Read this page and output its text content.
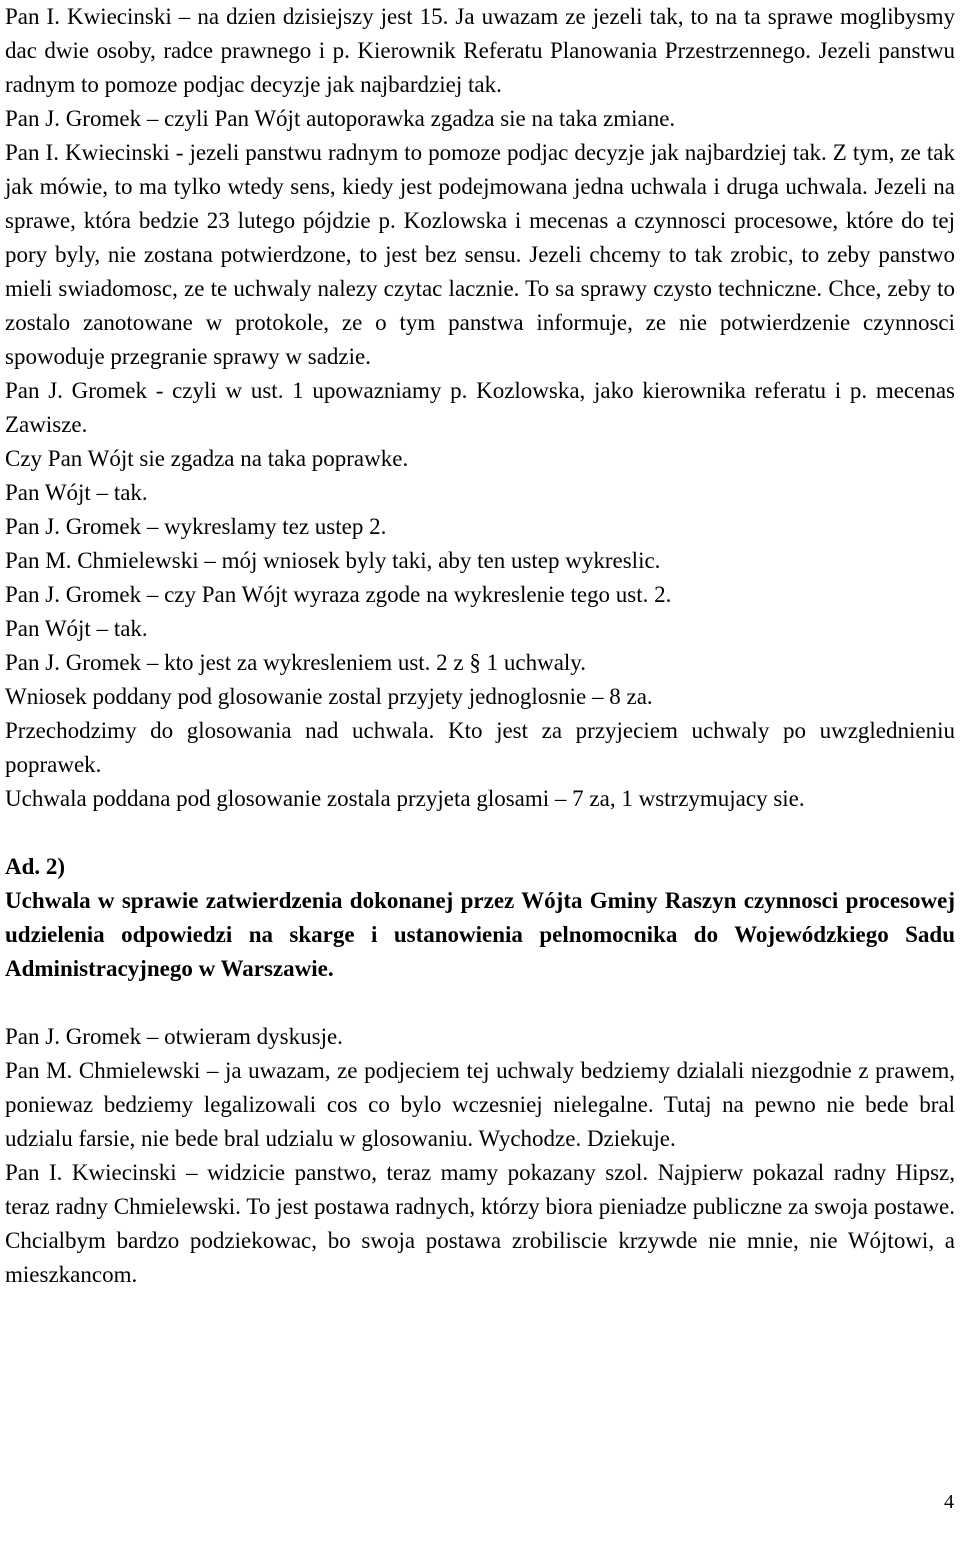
Pan I. Kwiecinski – na dzien dzisiejszy jest 15. Ja uwazam ze jezeli tak, to na ta sprawe moglibysmy dac dwie osoby, radce prawnego i p. Kierownik Referatu Planowania Przestrzennego. Jezeli panstwu radnym to pomoze podjac decyzje jak najbardziej tak.

Pan J. Gromek – czyli Pan Wójt autoporawka zgadza sie na taka zmiane.

Pan I. Kwiecinski - jezeli panstwu radnym to pomoze podjac decyzje jak najbardziej tak. Z tym, ze tak jak mówie, to ma tylko wtedy sens, kiedy jest podejmowana jedna uchwala i druga uchwala. Jezeli na sprawe, która bedzie 23 lutego pójdzie p. Kozlowska i mecenas a czynnosci procesowe, które do tej pory byly, nie zostana potwierdzone, to jest bez sensu. Jezeli chcemy to tak zrobic, to zeby panstwo mieli swiadomosc, ze te uchwaly nalezy czytac lacznie. To sa sprawy czysto techniczne. Chce, zeby to zostalo zanotowane w protokole, ze o tym panstwa informuje, ze nie potwierdzenie czynnosci spowoduje przegranie sprawy w sadzie.

Pan J. Gromek - czyli w ust. 1 upowazniamy p. Kozlowska, jako kierownika referatu i p. mecenas Zawisze.

Czy Pan Wójt sie zgadza na taka poprawke.

Pan Wójt – tak.

Pan J. Gromek – wykreslamy tez ustep 2.

Pan M. Chmielewski – mój wniosek byly taki, aby ten ustep wykreslic.

Pan J. Gromek – czy Pan Wójt wyraza zgode na wykreslenie tego ust. 2.

Pan Wójt – tak.

Pan J. Gromek – kto jest za wykresleniem ust. 2 z § 1 uchwaly.

Wniosek poddany pod glosowanie zostal przyjety jednoglosnie – 8 za.

Przechodzimy do glosowania nad uchwala. Kto jest za przyjeciem uchwaly po uwzglednieniu poprawek.

Uchwala poddana pod glosowanie zostala przyjeta glosami – 7 za, 1 wstrzymujacy sie.

Ad. 2)

Uchwala w sprawie zatwierdzenia dokonanej przez Wójta Gminy Raszyn czynnosci procesowej udzielenia odpowiedzi na skarge i ustanowienia pelnomocnika do Wojewódzkiego Sadu Administracyjnego w Warszawie.

Pan J. Gromek – otwieram dyskusje.

Pan M. Chmielewski – ja uwazam, ze podjeciem tej uchwaly bedziemy dzialali niezgodnie z prawem, poniewaz bedziemy legalizowali cos co bylo wczesniej nielegalne. Tutaj na pewno nie bede bral udzialu farsie, nie bede bral udzialu w glosowaniu. Wychodze. Dziekuje.

Pan I. Kwiecinski – widzicie panstwo, teraz mamy pokazany szol. Najpierw pokazal radny Hipsz, teraz radny Chmielewski. To jest postawa radnych, którzy biora pieniadze publiczne za swoja postawe. Chcialbym bardzo podziekowac, bo swoja postawa zrobiliscie krzywde nie mnie, nie Wójtowi, a mieszkancom.

4
